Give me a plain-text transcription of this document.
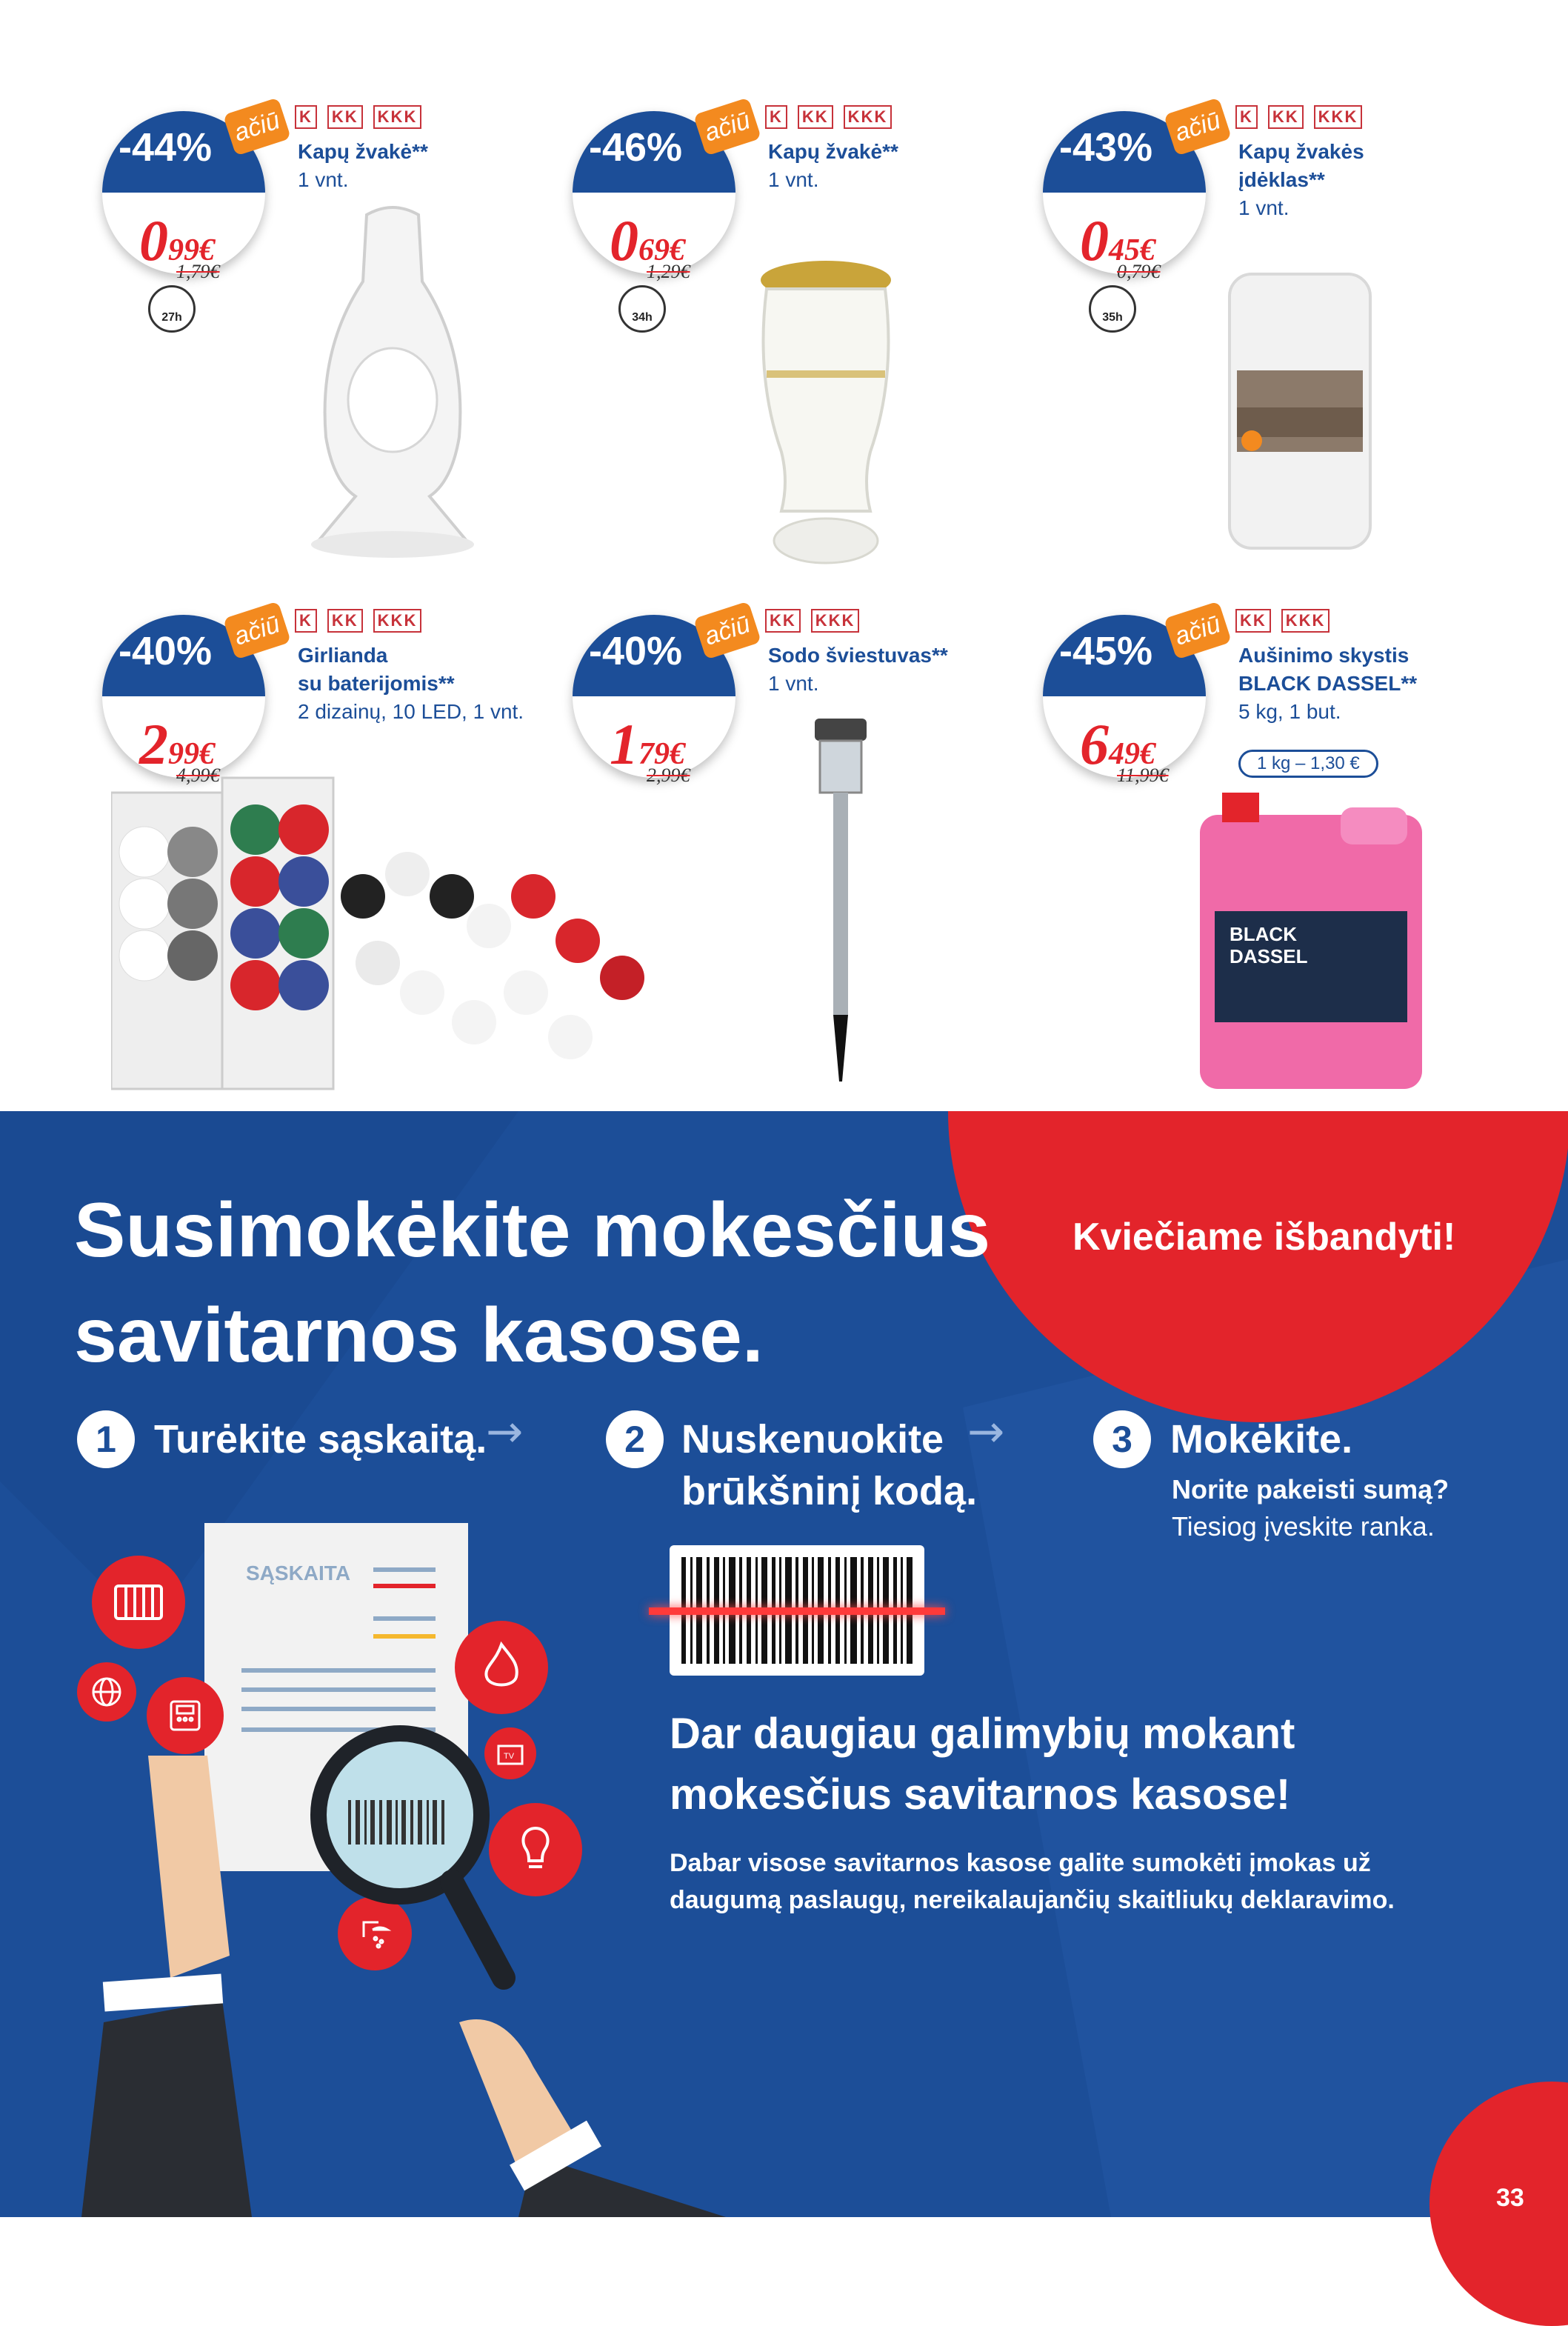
-44% ačiū
099€
1,79€
K KK KKK
Kapų žvakė**
1 vnt.
27h
-46% ačiū
069€
1,29€
K KK KKK
Kapų žvakė**
1 vnt.
34h
-43% ačiū
045€
0,79€
K KK KKK
Kapų žvakės
įdėklas**
1 vnt.
35h
-40% ačiū
299€
4,99€
K KK KKK
Girlianda
su baterijomis**
2 dizainų, 10 LED, 1 vnt.
-40% ačiū
179€
2,99€
KK KKK
Sodo šviestuvas**
1 vnt.
-45% ačiū
649€
11,99€
KK KKK
Aušinimo skystis
BLACK DASSEL**
5 kg, 1 but.
1 kg – 1,30 €
BLACK
DASSEL
Kviečiame išbandyti!
Susimokėkite mokesčius
savitarnos kasose.
1 Turėkite sąskaitą.
→	2 Nuskenuokite
brūkšninį kodą.
→	3 Mokėkite.
Norite pakeisti sumą?
Tiesiog įveskite ranka.
Dar daugiau galimybių mokant
mokesčius savitarnos kasose!
Dabar visose savitarnos kasose galite sumokėti įmokas už
daugumą paslaugų, nereikalaujančių skaitliukų deklaravimo.
SĄSKAITA
TV
33
